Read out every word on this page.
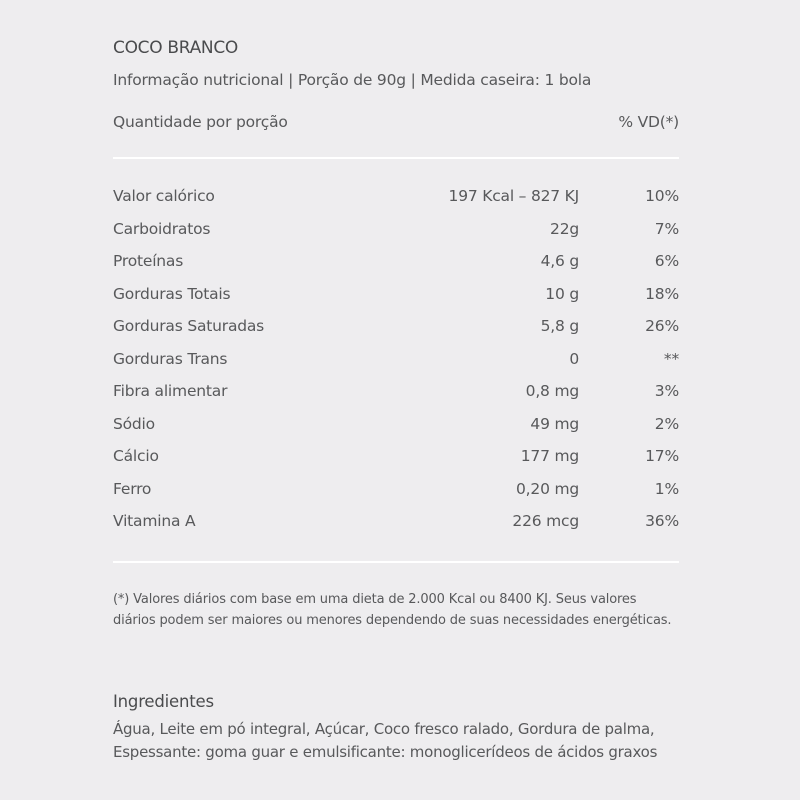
COCO BRANCO
Informação nutricional | Porção de 90g | Medida caseira: 1 bola
Quantidade por porção	% VD(*)
Valor calórico	197 Kcal – 827 KJ	10%
Carboidratos	22g	7%
Proteínas	4,6 g	6%
Gorduras Totais	10 g	18%
Gorduras Saturadas	5,8 g	26%
Gorduras Trans	0	**
Fibra alimentar	0,8 mg	3%
Sódio	49 mg	2%
Cálcio	177 mg	17%
Ferro	0,20 mg	1%
Vitamina A	226 mcg	36%

(*) Valores diários com base em uma dieta de 2.000 Kcal ou 8400 KJ. Seus valores

diários podem ser maiores ou menores dependendo de suas necessidades energéticas.

Ingredientes

Água, Leite em pó integral, Açúcar, Coco fresco ralado, Gordura de palma,

Espessante: goma guar e emulsificante: monoglicerídeos de ácidos graxos
